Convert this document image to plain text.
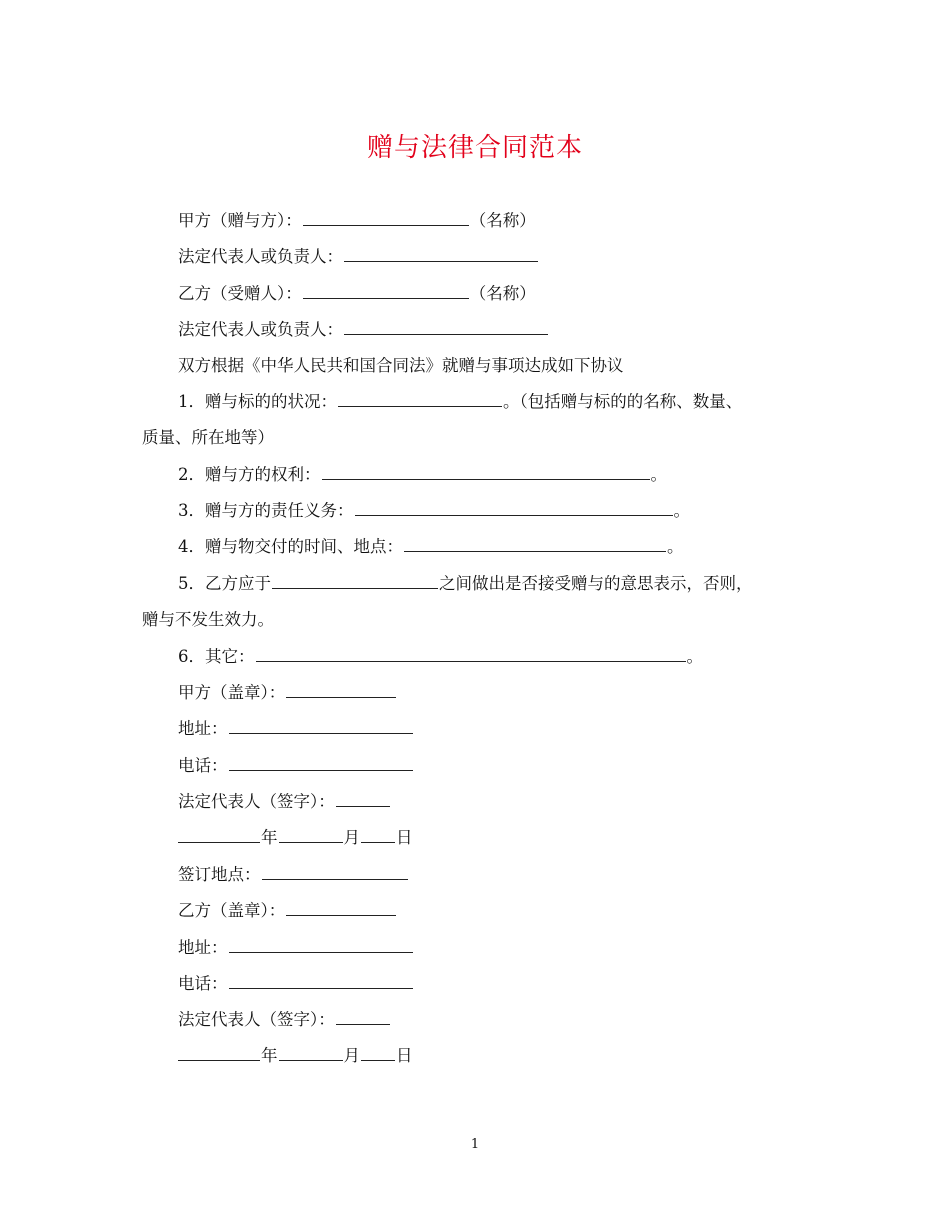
赠与法律合同范本
甲方（赠与方）：	（名称）
法定代表人或负责人：
乙方（受赠人）：	（名称）
法定代表人或负责人：
双方根据《中华人民共和国合同法》就赠与事项达成如下协议
1．赠与标的的状况：	。（包括赠与标的的名称、数量、
质量、所在地等）
2．赠与方的权利：	。
3．赠与方的责任义务：	。
4．赠与物交付的时间、地点：	。
5．乙方应于	之间做出是否接受赠与的意思表示，否则，
赠与不发生效力。
6．其它：	。
甲方（盖章）：
地址：
电话：
法定代表人（签字）：
年	月 日
签订地点：
乙方（盖章）：
地址：
电话：
法定代表人（签字）：
年	月 日
1
